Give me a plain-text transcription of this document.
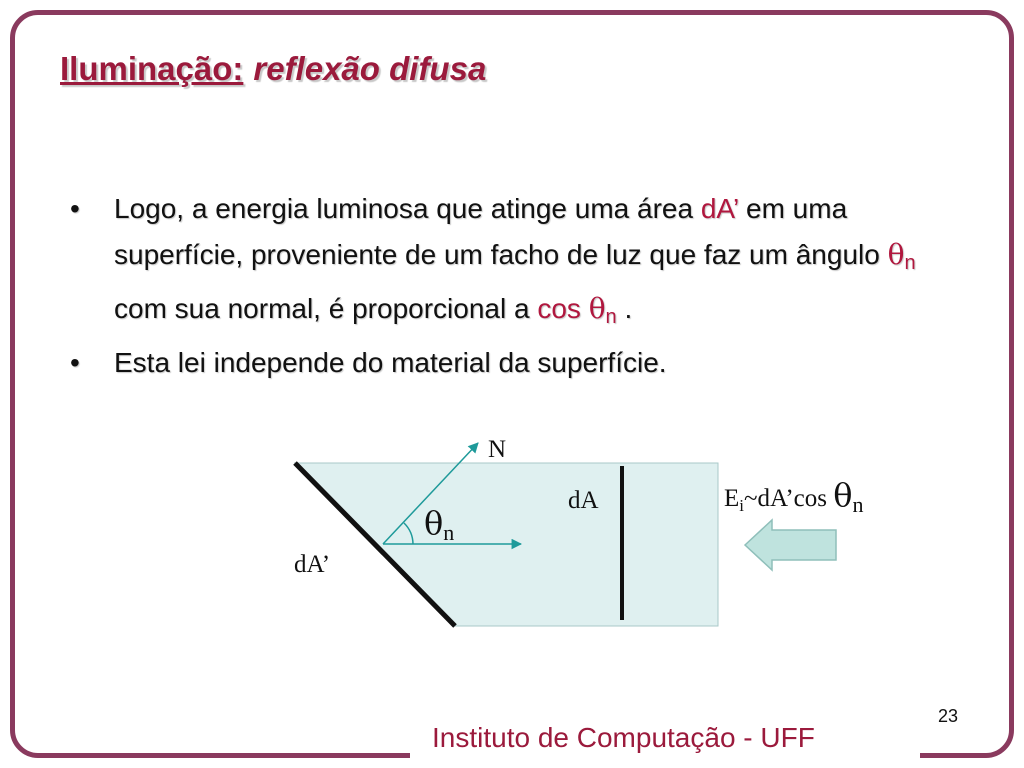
Iluminação: reflexão difusa
• Logo, a energia luminosa que atinge uma área dA’ em uma superfície, proveniente de um facho de luz que faz um ângulo $\theta_n$ com sua normal, é proporcional a $\cos \theta_n$ .
• Esta lei independe do material da superfície.
N
dA
dA’
θn
$E_i\sim dA’\cos$ θn
23
Instituto de Computação - UFF
